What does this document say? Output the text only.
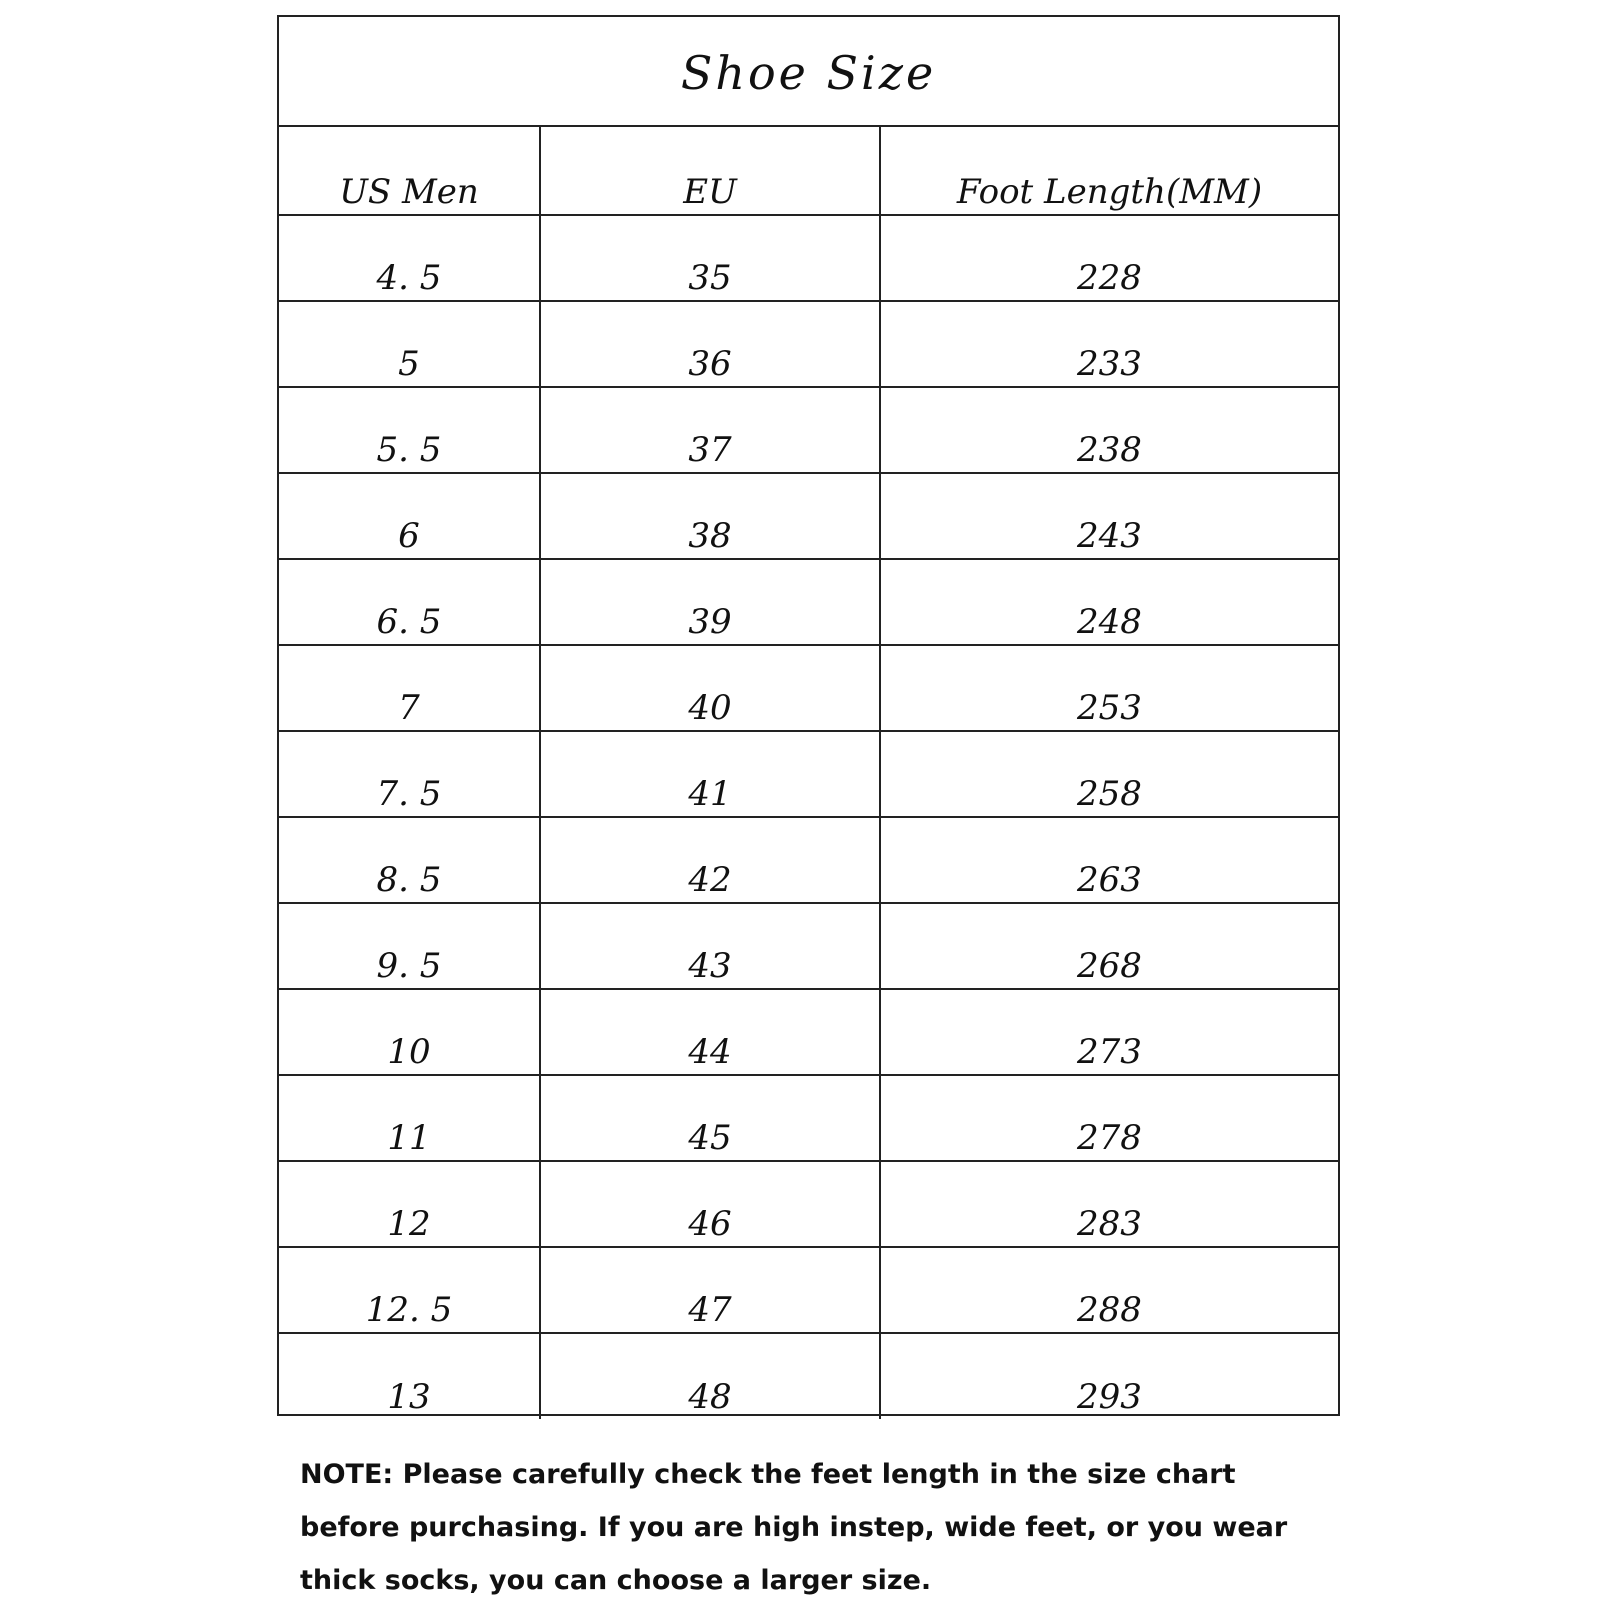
Shoe Size
US Men	EU	Foot Length(MM)
4. 5	35	228
5	36	233
5. 5	37	238
6	38	243
6. 5	39	248
7	40	253
7. 5	41	258
8. 5	42	263
9. 5	43	268
10	44	273
11	45	278
12	46	283
12. 5	47	288
13	48	293
NOTE: Please carefully check the feet length in the size chart before purchasing. If you are high instep, wide feet, or you wear thick socks, you can choose a larger size.
